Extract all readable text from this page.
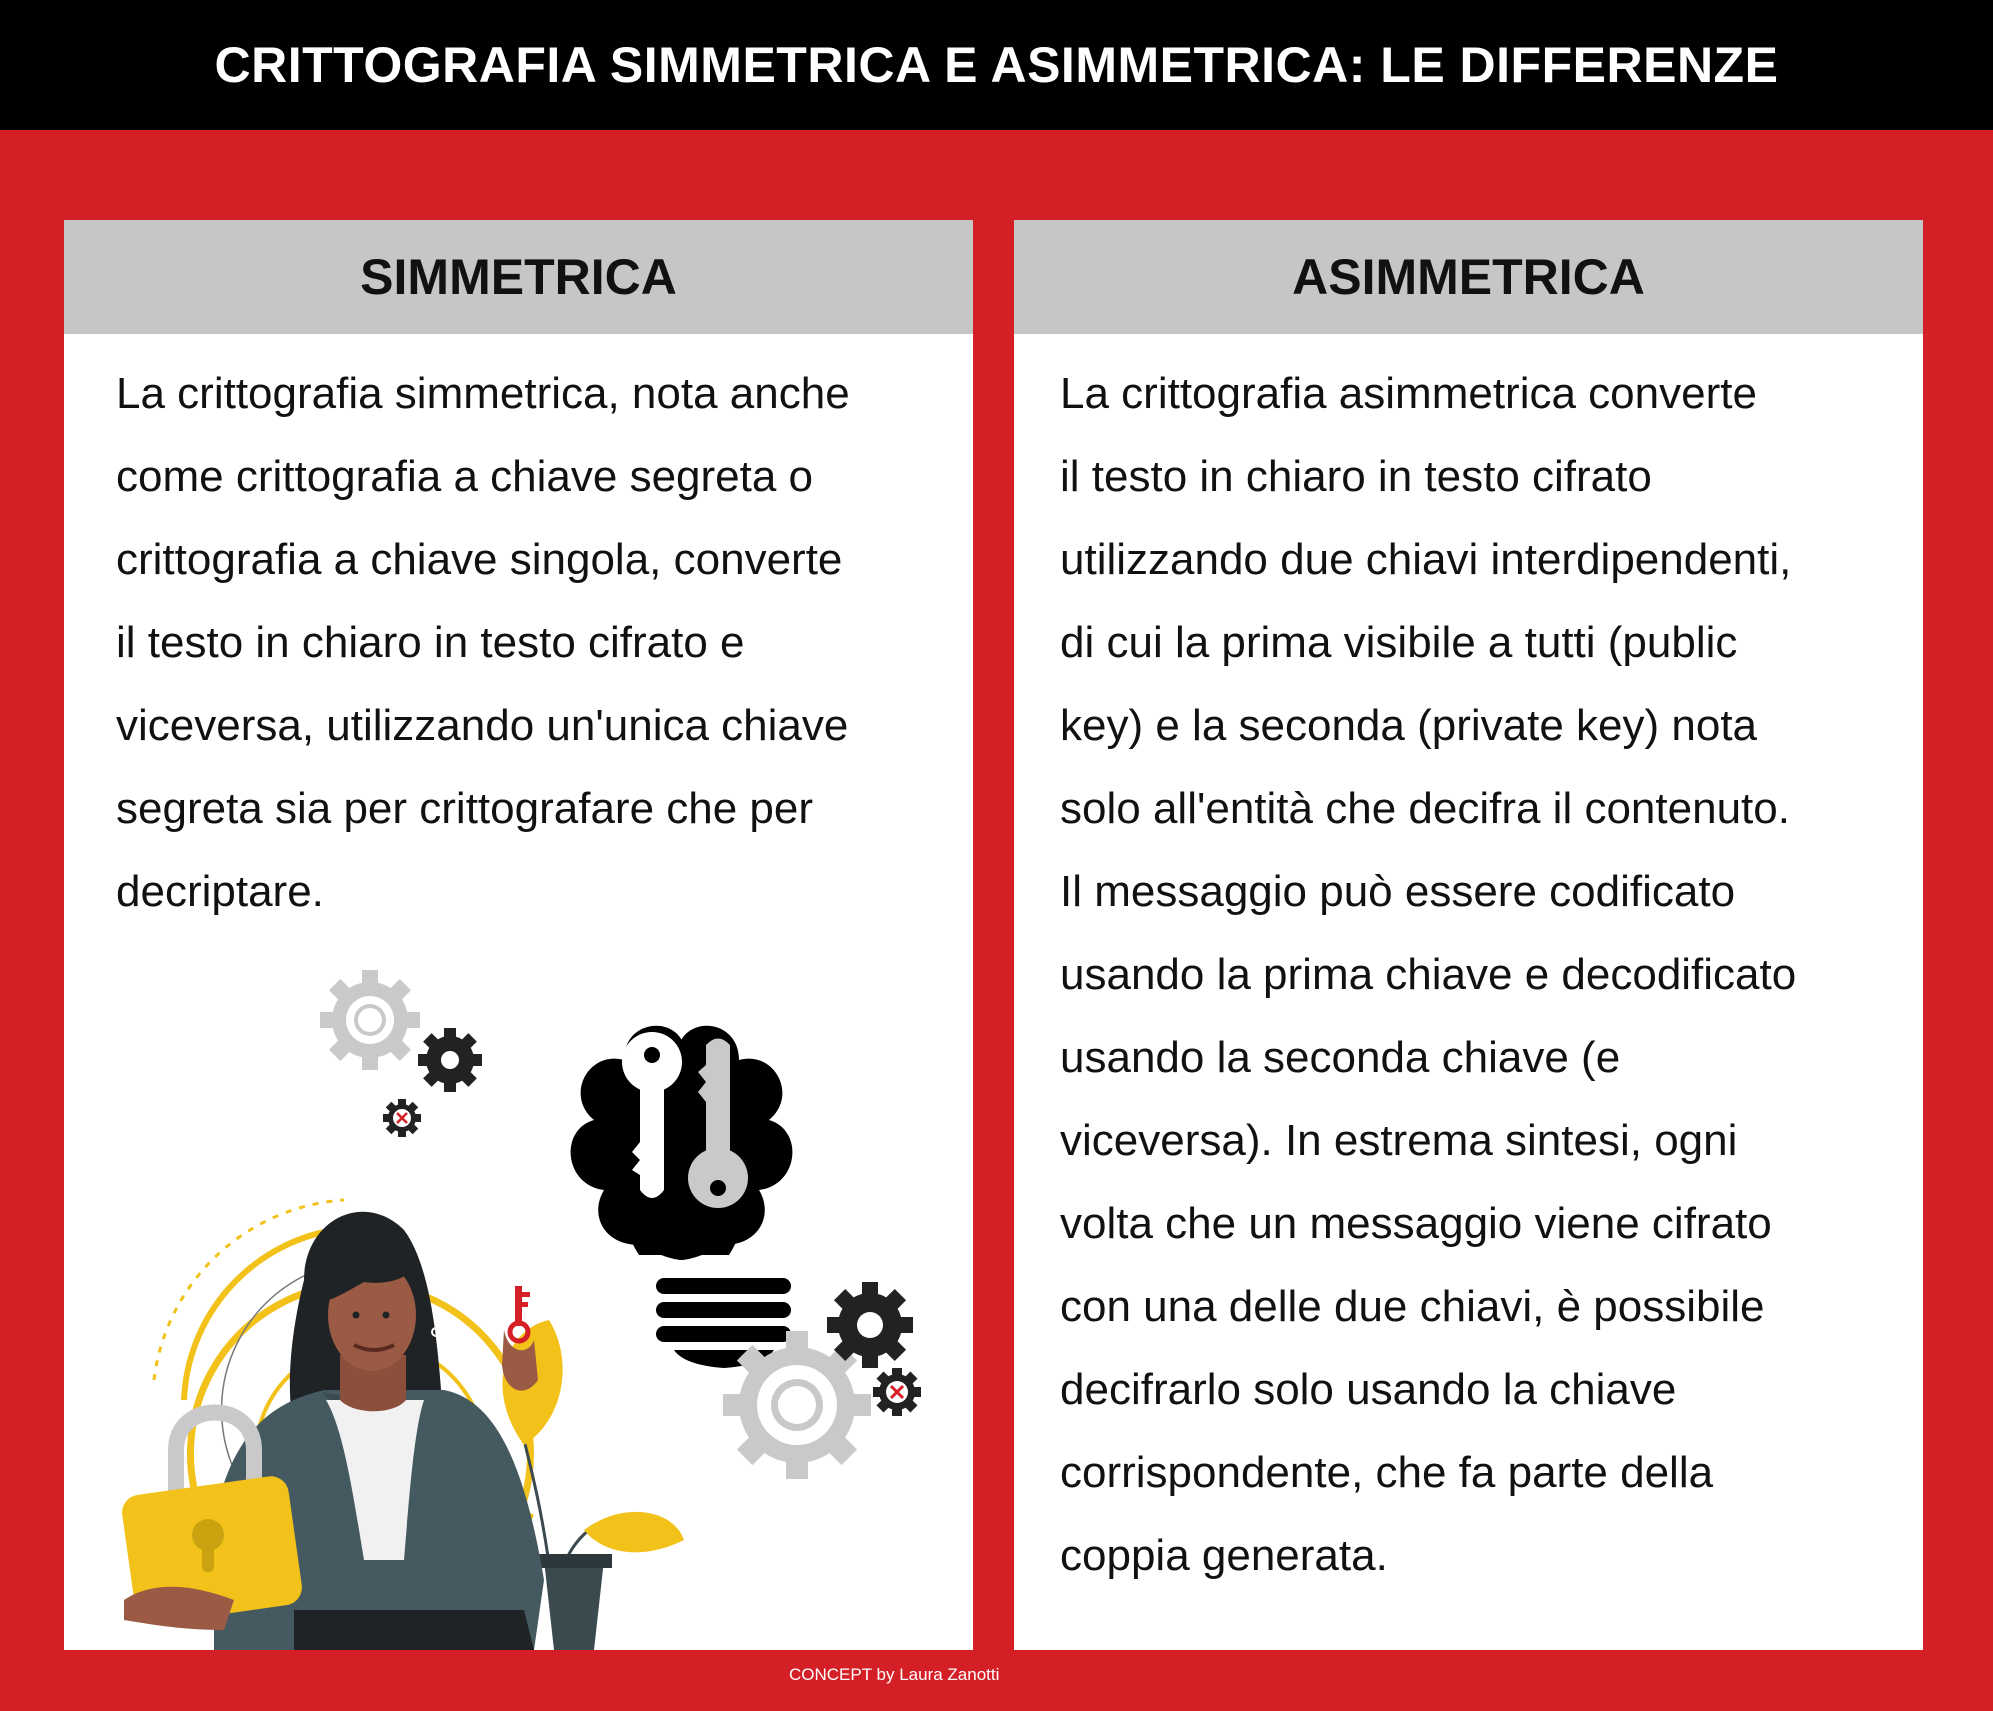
CRITTOGRAFIA SIMMETRICA E ASIMMETRICA: LE DIFFERENZE
SIMMETRICA
La crittografia simmetrica, nota anche
come crittografia a chiave segreta o
crittografia a chiave singola, converte
il testo in chiaro in testo cifrato e
viceversa, utilizzando un'unica chiave
segreta sia per crittografare che per
decriptare.
ASIMMETRICA
La crittografia asimmetrica converte
il testo in chiaro in testo cifrato
utilizzando due chiavi interdipendenti,
di cui la prima visibile a tutti (public
key) e la seconda (private key) nota
solo all'entità che decifra il contenuto.
Il messaggio può essere codificato
usando la prima chiave e decodificato
usando la seconda chiave (e
viceversa). In estrema sintesi, ogni
volta che un messaggio viene cifrato
con una delle due chiavi, è possibile
decifrarlo solo usando la chiave
corrispondente, che fa parte della
coppia generata.
CONCEPT by Laura Zanotti
